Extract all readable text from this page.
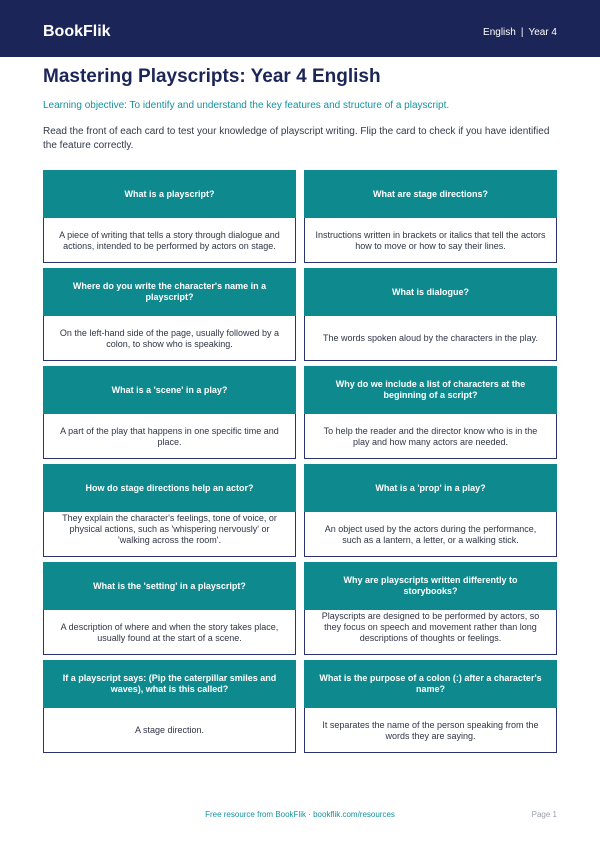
BookFlik	English | Year 4
Mastering Playscripts: Year 4 English

Learning objective: To identify and understand the key features and structure of a playscript.

Read the front of each card to test your knowledge of playscript writing. Flip the card to check if you have identified the feature correctly.

What is a playscript?
A piece of writing that tells a story through dialogue and actions, intended to be performed by actors on stage.
What are stage directions?
Instructions written in brackets or italics that tell the actors how to move or how to say their lines.
Where do you write the character's name in a playscript?
On the left-hand side of the page, usually followed by a colon, to show who is speaking.
What is dialogue?
The words spoken aloud by the characters in the play.
What is a 'scene' in a play?
A part of the play that happens in one specific time and place.
Why do we include a list of characters at the beginning of a script?
To help the reader and the director know who is in the play and how many actors are needed.
How do stage directions help an actor?
They explain the character's feelings, tone of voice, or physical actions, such as 'whispering nervously' or 'walking across the room'.
What is a 'prop' in a play?
An object used by the actors during the performance, such as a lantern, a letter, or a walking stick.
What is the 'setting' in a playscript?
A description of where and when the story takes place, usually found at the start of a scene.
Why are playscripts written differently to storybooks?
Playscripts are designed to be performed by actors, so they focus on speech and movement rather than long descriptions of thoughts or feelings.
If a playscript says: (Pip the caterpillar smiles and waves), what is this called?
A stage direction.
What is the purpose of a colon (:) after a character's name?
It separates the name of the person speaking from the words they are saying.
Free resource from BookFlik · bookflik.com/resources	Page 1
